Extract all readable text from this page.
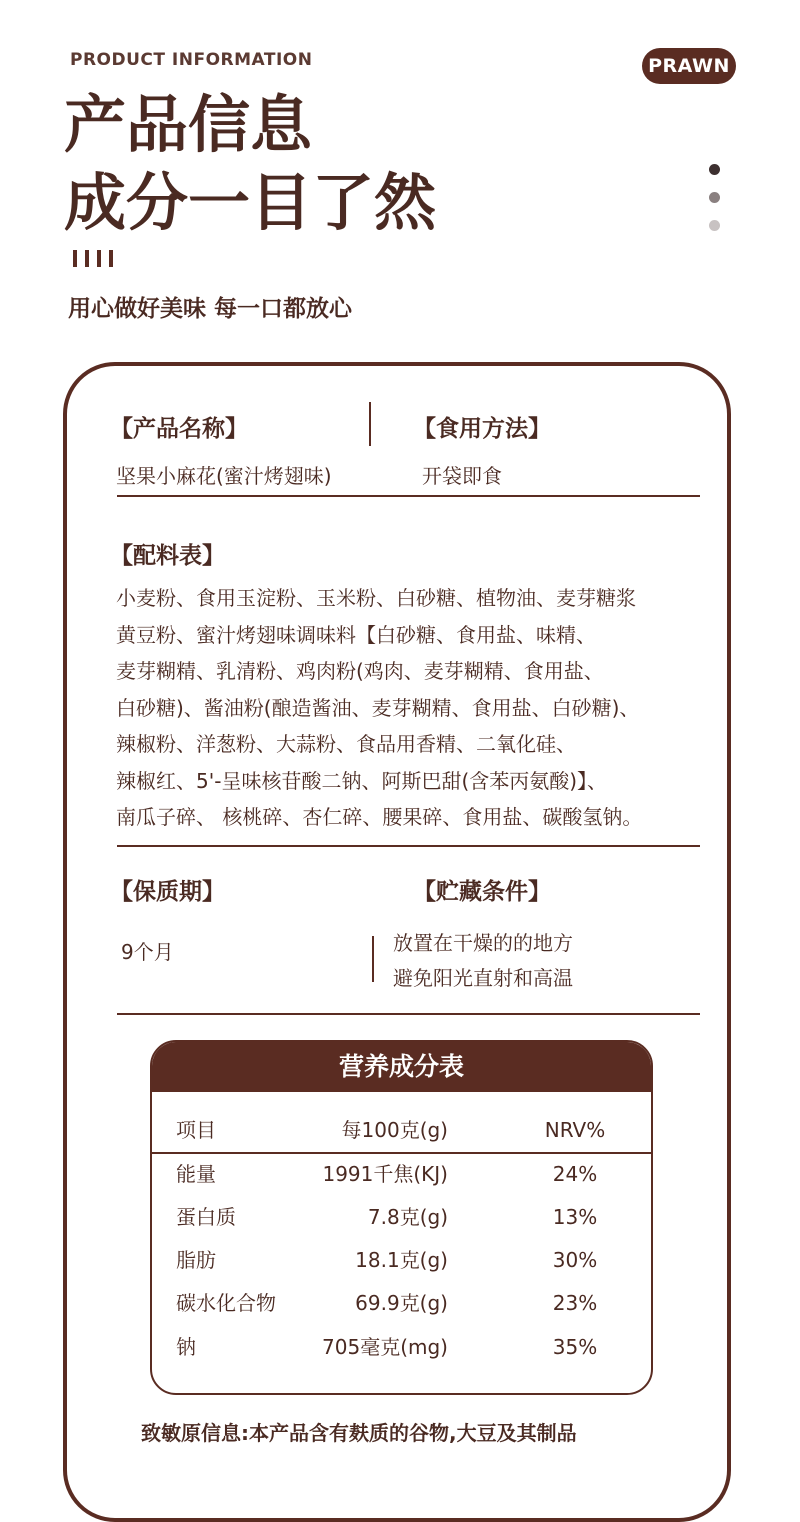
PRODUCT INFORMATION	PRAWN
产品信息
成分一目了然
用心做好美味 每一口都放心
【产品名称】
坚果小麻花(蜜汁烤翅味)
【食用方法】
开袋即食
【配料表】
小麦粉、食用玉淀粉、玉米粉、白砂糖、植物油、麦芽糖浆
黄豆粉、蜜汁烤翅味调味料【白砂糖、食用盐、味精、
麦芽糊精、乳清粉、鸡肉粉(鸡肉、麦芽糊精、食用盐、
白砂糖)、酱油粉(酿造酱油、麦芽糊精、食用盐、白砂糖)、
辣椒粉、洋葱粉、大蒜粉、食品用香精、二氧化硅、
辣椒红、5'-呈味核苷酸二钠、阿斯巴甜(含苯丙氨酸)】、
南瓜子碎、 核桃碎、杏仁碎、腰果碎、食用盐、碳酸氢钠。
【保质期】
9个月
【贮藏条件】
放置在干燥的的地方
避免阳光直射和高温
营养成分表
项目	每100克(g)	NRV%
能量	1991千焦(KJ)	24%
蛋白质	7.8克(g)	13%
脂肪	18.1克(g)	30%
碳水化合物	69.9克(g)	23%
钠	705毫克(mg)	35%
致敏原信息:本产品含有麸质的谷物,大豆及其制品
